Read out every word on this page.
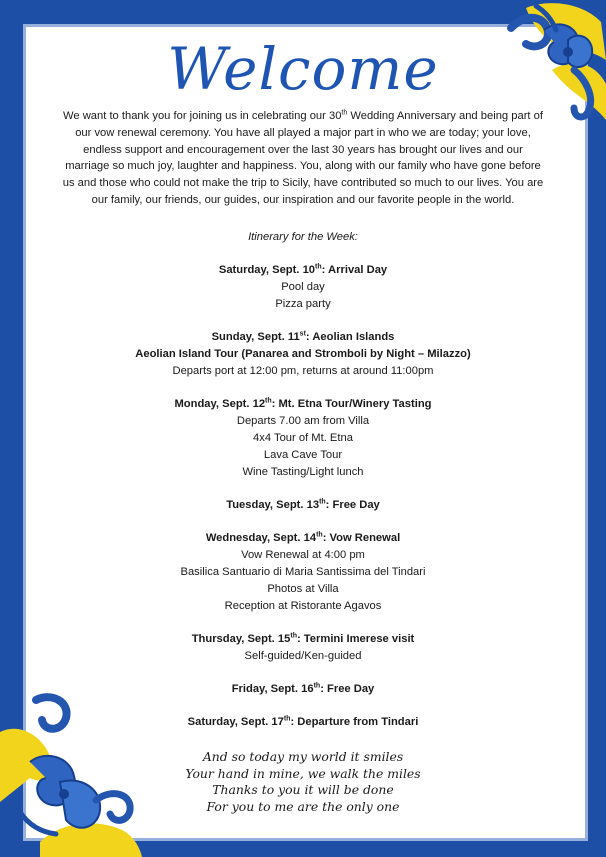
Welcome
We want to thank you for joining us in celebrating our 30th Wedding Anniversary and being part of our vow renewal ceremony. You have all played a major part in who we are today; your love, endless support and encouragement over the last 30 years has brought our lives and our marriage so much joy, laughter and happiness. You, along with our family who have gone before us and those who could not make the trip to Sicily, have contributed so much to our lives. You are our family, our friends, our guides, our inspiration and our favorite people in the world.
Itinerary for the Week:
Saturday, Sept. 10th: Arrival Day
Pool day
Pizza party
Sunday, Sept. 11st: Aeolian Islands
Aeolian Island Tour (Panarea and Stromboli by Night – Milazzo)
Departs port at 12:00 pm, returns at around 11:00pm
Monday, Sept. 12th: Mt. Etna Tour/Winery Tasting
Departs 7.00 am from Villa
4x4 Tour of Mt. Etna
Lava Cave Tour
Wine Tasting/Light lunch
Tuesday, Sept. 13th: Free Day
Wednesday, Sept. 14th: Vow Renewal
Vow Renewal at 4:00 pm
Basilica Santuario di Maria Santissima del Tindari
Photos at Villa
Reception at Ristorante Agavos
Thursday, Sept. 15th: Termini Imerese visit
Self-guided/Ken-guided
Friday, Sept. 16th: Free Day
Saturday, Sept. 17th: Departure from Tindari
And so today my world it smiles
Your hand in mine, we walk the miles
Thanks to you it will be done
For you to me are the only one
